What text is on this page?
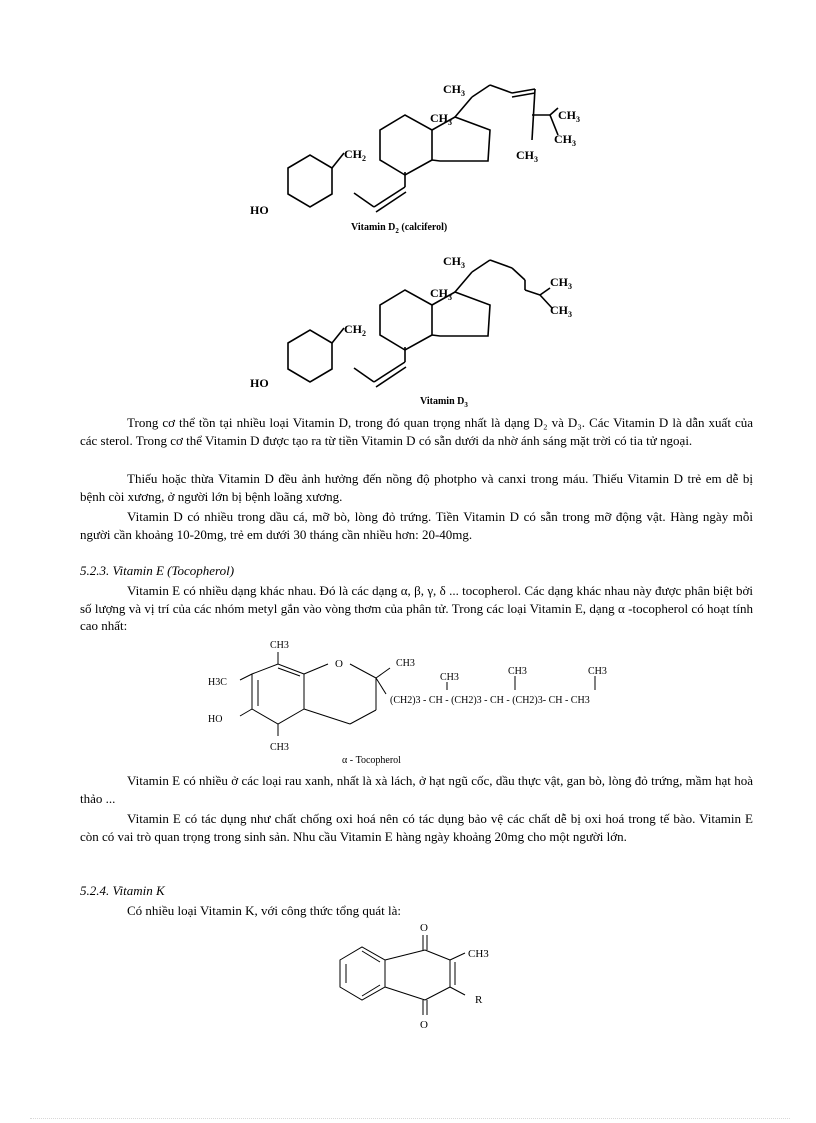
$CH_3$
$CH_3$
$CH_3$
$CH_3$
$CH_3$
$CH_2$
HO
Vitamin $D_2$ (calciferol)
$CH_3$
$CH_3$
$CH_3$
$CH_3$
$CH_2$
HO
Vitamin $D_3$

Trong cơ thể tồn tại nhiều loại Vitamin D, trong đó quan trọng nhất là dạng D₂ và D₃. Các Vitamin D là dẫn xuất của các sterol. Trong cơ thể Vitamin D được tạo ra từ tiền Vitamin D có sẵn dưới da nhờ ánh sáng mặt trời có tia tử ngoại.

Thiếu hoặc thừa Vitamin D đều ảnh hưởng đến nồng độ photpho và canxi trong máu. Thiếu Vitamin D trẻ em dễ bị bệnh còi xương, ở người lớn bị bệnh loãng xương.

Vitamin D có nhiều trong dầu cá, mỡ bò, lòng đỏ trứng. Tiền Vitamin D có sẵn trong mỡ động vật. Hàng ngày mỗi người cần khoảng 10-20mg, trẻ em dưới 30 tháng cần nhiều hơn: 20-40mg.

5.2.3. Vitamin E (Tocopherol)

Vitamin E có nhiều dạng khác nhau. Đó là các dạng α, β, γ, δ ... tocopherol. Các dạng khác nhau này được phân biệt bởi số lượng và vị trí của các nhóm metyl gắn vào vòng thơm của phân tử. Trong các loại Vitamin E, dạng α -tocopherol có hoạt tính cao nhất:

CH3
O	CH3
H3C
HO
CH3
CH3
CH3	CH3
(CH2)3 - CH - (CH2)3 - CH - (CH2)3- CH - CH3
α - Tocopherol

Vitamin E có nhiều ở các loại rau xanh, nhất là xà lách, ở hạt ngũ cốc, dầu thực vật, gan bò, lòng đỏ trứng, mầm hạt hoà thảo ...

Vitamin E có tác dụng như chất chống oxi hoá nên có tác dụng bảo vệ các chất dễ bị oxi hoá trong tế bào. Vitamin E còn có vai trò quan trọng trong sinh sản. Nhu cầu Vitamin E hàng ngày khoảng 20mg cho một người lớn.

5.2.4. Vitamin K

Có nhiều loại Vitamin K, với công thức tổng quát là:

O
O
CH3
R
